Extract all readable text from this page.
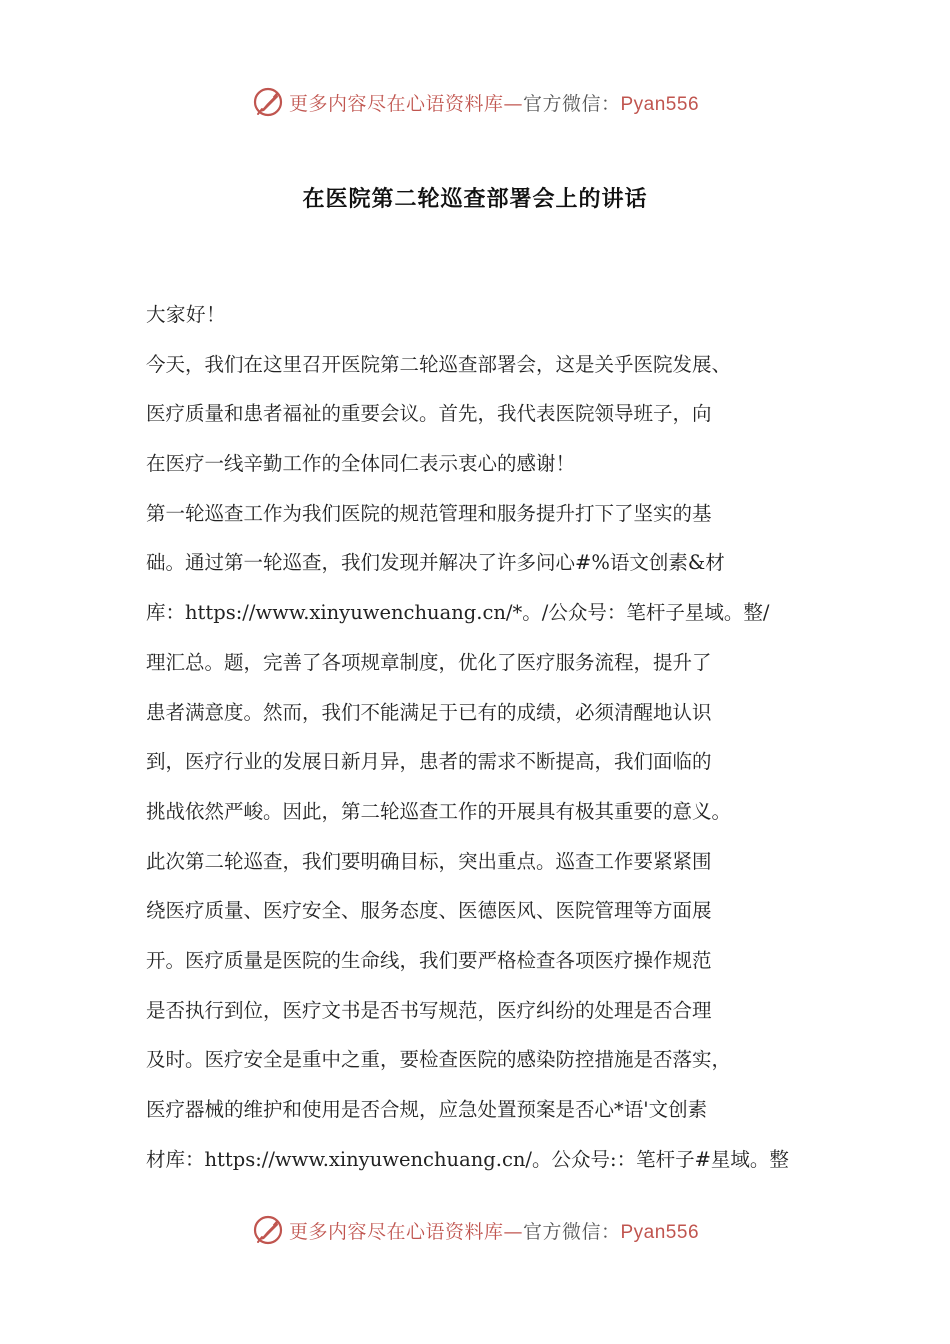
更多内容尽在心语资料库—官方微信：Pyan556
在医院第二轮巡查部署会上的讲话
大家好！
今天，我们在这里召开医院第二轮巡查部署会，这是关乎医院发展、
医疗质量和患者福祉的重要会议。首先，我代表医院领导班子，向
在医疗一线辛勤工作的全体同仁表示衷心的感谢！
第一轮巡查工作为我们医院的规范管理和服务提升打下了坚实的基
础。通过第一轮巡查，我们发现并解决了许多问心#%语文创素&材
库：https://www.xinyuwenchuang.cn/*。/公众号：笔杆子星域。整/
理汇总。题，完善了各项规章制度，优化了医疗服务流程，提升了
患者满意度。然而，我们不能满足于已有的成绩，必须清醒地认识
到，医疗行业的发展日新月异，患者的需求不断提高，我们面临的
挑战依然严峻。因此，第二轮巡查工作的开展具有极其重要的意义。
此次第二轮巡查，我们要明确目标，突出重点。巡查工作要紧紧围
绕医疗质量、医疗安全、服务态度、医德医风、医院管理等方面展
开。医疗质量是医院的生命线，我们要严格检查各项医疗操作规范
是否执行到位，医疗文书是否书写规范，医疗纠纷的处理是否合理
及时。医疗安全是重中之重，要检查医院的感染防控措施是否落实，
医疗器械的维护和使用是否合规，应急处置预案是否心*语'文创素
材库：https://www.xinyuwenchuang.cn/。公众号:：笔杆子#星域。整
更多内容尽在心语资料库—官方微信：Pyan556
